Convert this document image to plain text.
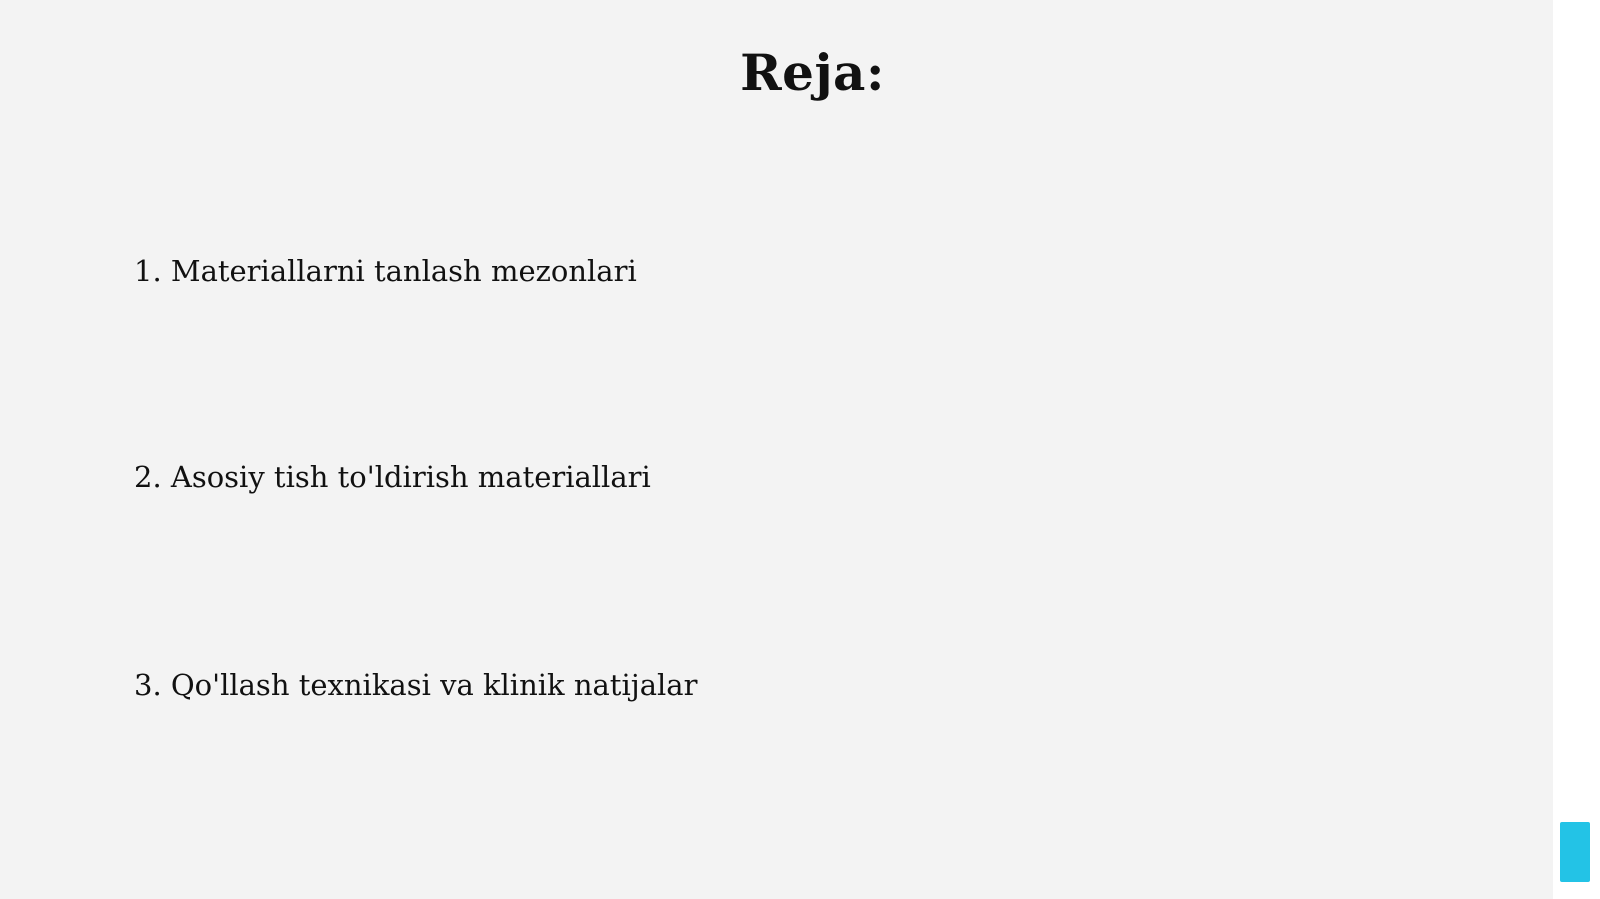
Reja:
1. Materiallarni tanlash mezonlari
2. Asosiy tish to'ldirish materiallari
3. Qo'llash texnikasi va klinik natijalar
